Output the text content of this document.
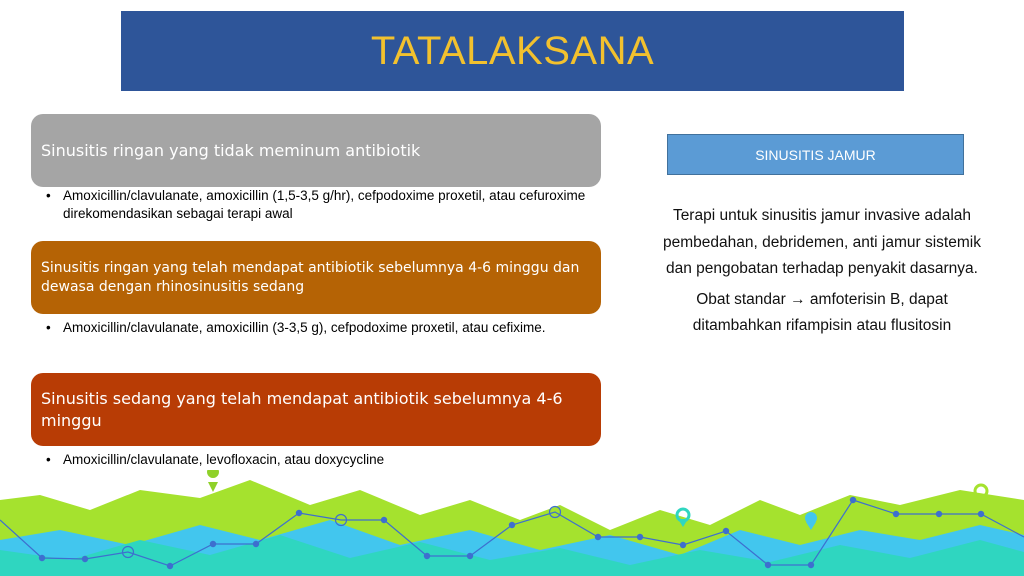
TATALAKSANA
Sinusitis ringan yang tidak meminum antibiotik
• Amoxicillin/clavulanate, amoxicillin (1,5-3,5 g/hr), cefpodoxime proxetil, atau cefuroxime direkomendasikan sebagai terapi awal
Sinusitis ringan yang telah mendapat antibiotik sebelumnya 4-6 minggu dan dewasa dengan rhinosinusitis sedang
• Amoxicillin/clavulanate, amoxicillin (3-3,5 g), cefpodoxime proxetil, atau cefixime.
Sinusitis sedang yang telah mendapat antibiotik sebelumnya 4-6 minggu
• Amoxicillin/clavulanate, levofloxacin, atau doxycycline
SINUSITIS JAMUR

Terapi untuk sinusitis jamur invasive adalah pembedahan, debridemen, anti jamur sistemik dan pengobatan terhadap penyakit dasarnya.

Obat standar → amfoterisin B, dapat ditambahkan rifampisin atau flusitosin
